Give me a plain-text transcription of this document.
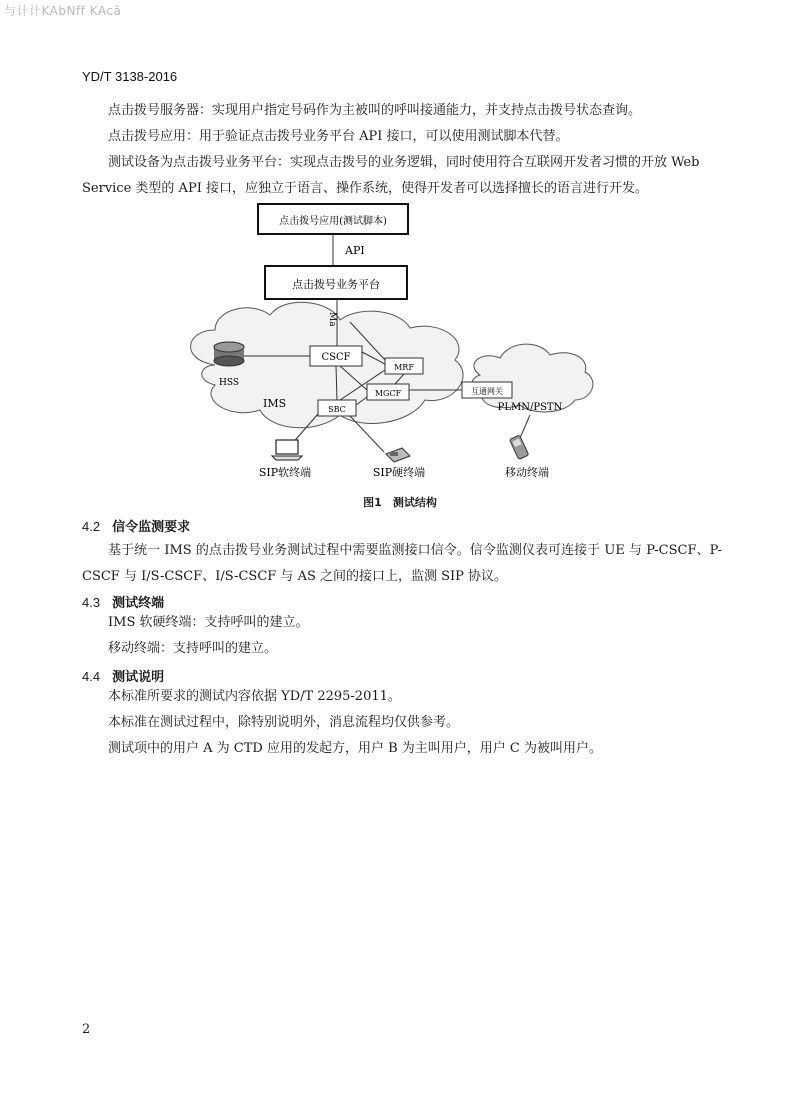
与计计KAbNff KAcã
YD/T 3138-2016

点击拨号服务器：实现用户指定号码作为主被叫的呼叫接通能力，并支持点击拨号状态查询。

点击拨号应用：用于验证点击拨号业务平台 API 接口，可以使用测试脚本代替。

测试设备为点击拨号业务平台：实现点击拨号的业务逻辑，同时使用符合互联网开发者习惯的开放 Web Service 类型的 API 接口，应独立于语言、操作系统，使得开发者可以选择擅长的语言进行开发。

点击拨号应用(测试脚本)
API
点击拨号业务平台
Ma
CSCF
HSS
MRF
MGCF
SBC
IMS
互通网关
PLMN/PSTN
SIP软终端	SIP硬终端	移动终端
图1　测试结构
4.2 信令监测要求

基于统一 IMS 的点击拨号业务测试过程中需要监测接口信令。信令监测仪表可连接于 UE 与 P-CSCF、P-CSCF 与 I/S-CSCF、I/S-CSCF 与 AS 之间的接口上，监测 SIP 协议。

4.3 测试终端

IMS 软硬终端：支持呼叫的建立。

移动终端：支持呼叫的建立。

4.4 测试说明

本标准所要求的测试内容依据 YD/T 2295-2011。

本标准在测试过程中，除特别说明外，消息流程均仅供参考。

测试项中的用户 A 为 CTD 应用的发起方，用户 B 为主叫用户，用户 C 为被叫用户。

2
